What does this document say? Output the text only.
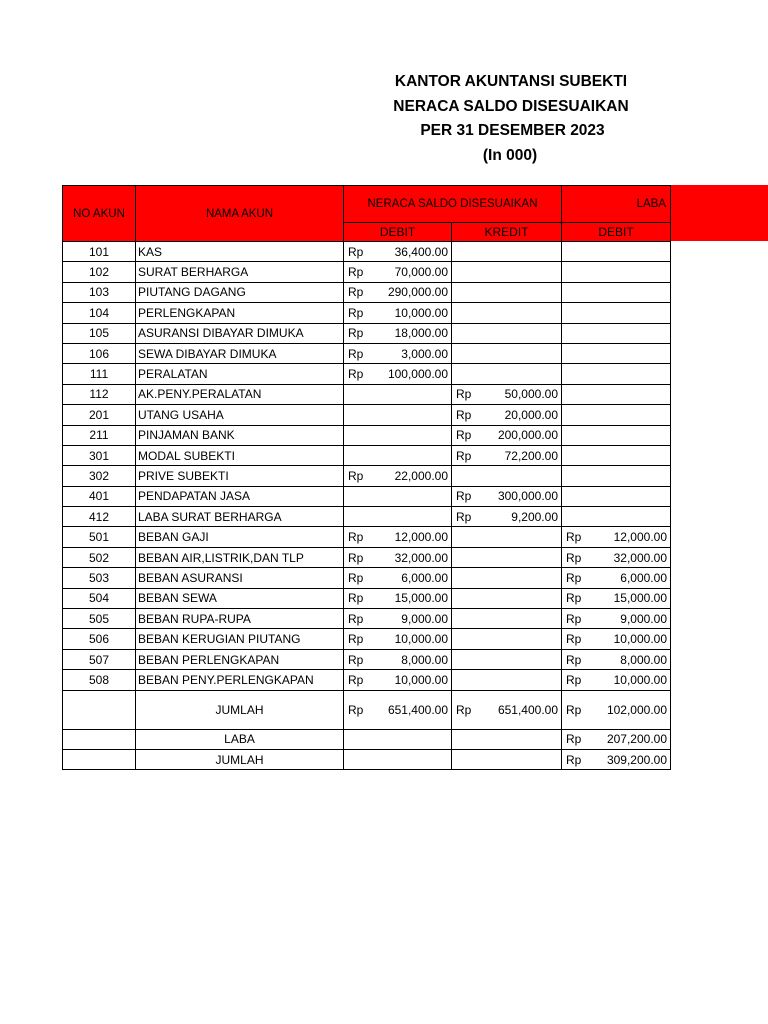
KANTOR AKUNTANSI SUBEKTI
NERACA SALDO DISESUAIKAN
PER 31 DESEMBER 2023
(In 000)
NO AKUN	NAMA AKUN	NERACA SALDO DISESUAIKAN		LABA
		DEBIT	KREDIT	DEBIT
101	KAS	Rp 36,400.00		

102	SURAT BERHARGA	Rp 70,000.00		

103	PIUTANG DAGANG	Rp 290,000.00		

104	PERLENGKAPAN	Rp 10,000.00		

105	ASURANSI DIBAYAR DIMUKA	Rp 18,000.00		

106	SEWA DIBAYAR DIMUKA	Rp 3,000.00		

111	PERALATAN	Rp 100,000.00		

112	AK.PENY.PERALATAN		Rp 50,000.00	

201	UTANG USAHA		Rp 20,000.00	

211	PINJAMAN BANK		Rp 200,000.00	

301	MODAL SUBEKTI		Rp 72,200.00	

302	PRIVE SUBEKTI	Rp 22,000.00		

401	PENDAPATAN JASA		Rp 300,000.00	

412	LABA SURAT BERHARGA		Rp 9,200.00	

501	BEBAN GAJI	Rp 12,000.00		Rp 12,000.00

502	BEBAN AIR,LISTRIK,DAN TLP	Rp 32,000.00		Rp 32,000.00

503	BEBAN ASURANSI	Rp 6,000.00		Rp 6,000.00

504	BEBAN SEWA	Rp 15,000.00		Rp 15,000.00

505	BEBAN RUPA-RUPA	Rp 9,000.00		Rp 9,000.00

506	BEBAN KERUGIAN PIUTANG	Rp 10,000.00		Rp 10,000.00

507	BEBAN PERLENGKAPAN	Rp 8,000.00		Rp 8,000.00

508	BEBAN PENY.PERLENGKAPAN	Rp 10,000.00		Rp 10,000.00

	JUMLAH	Rp 651,400.00	Rp 651,400.00	Rp 102,000.00

	LABA			Rp 207,200.00

	JUMLAH			Rp 309,200.00
